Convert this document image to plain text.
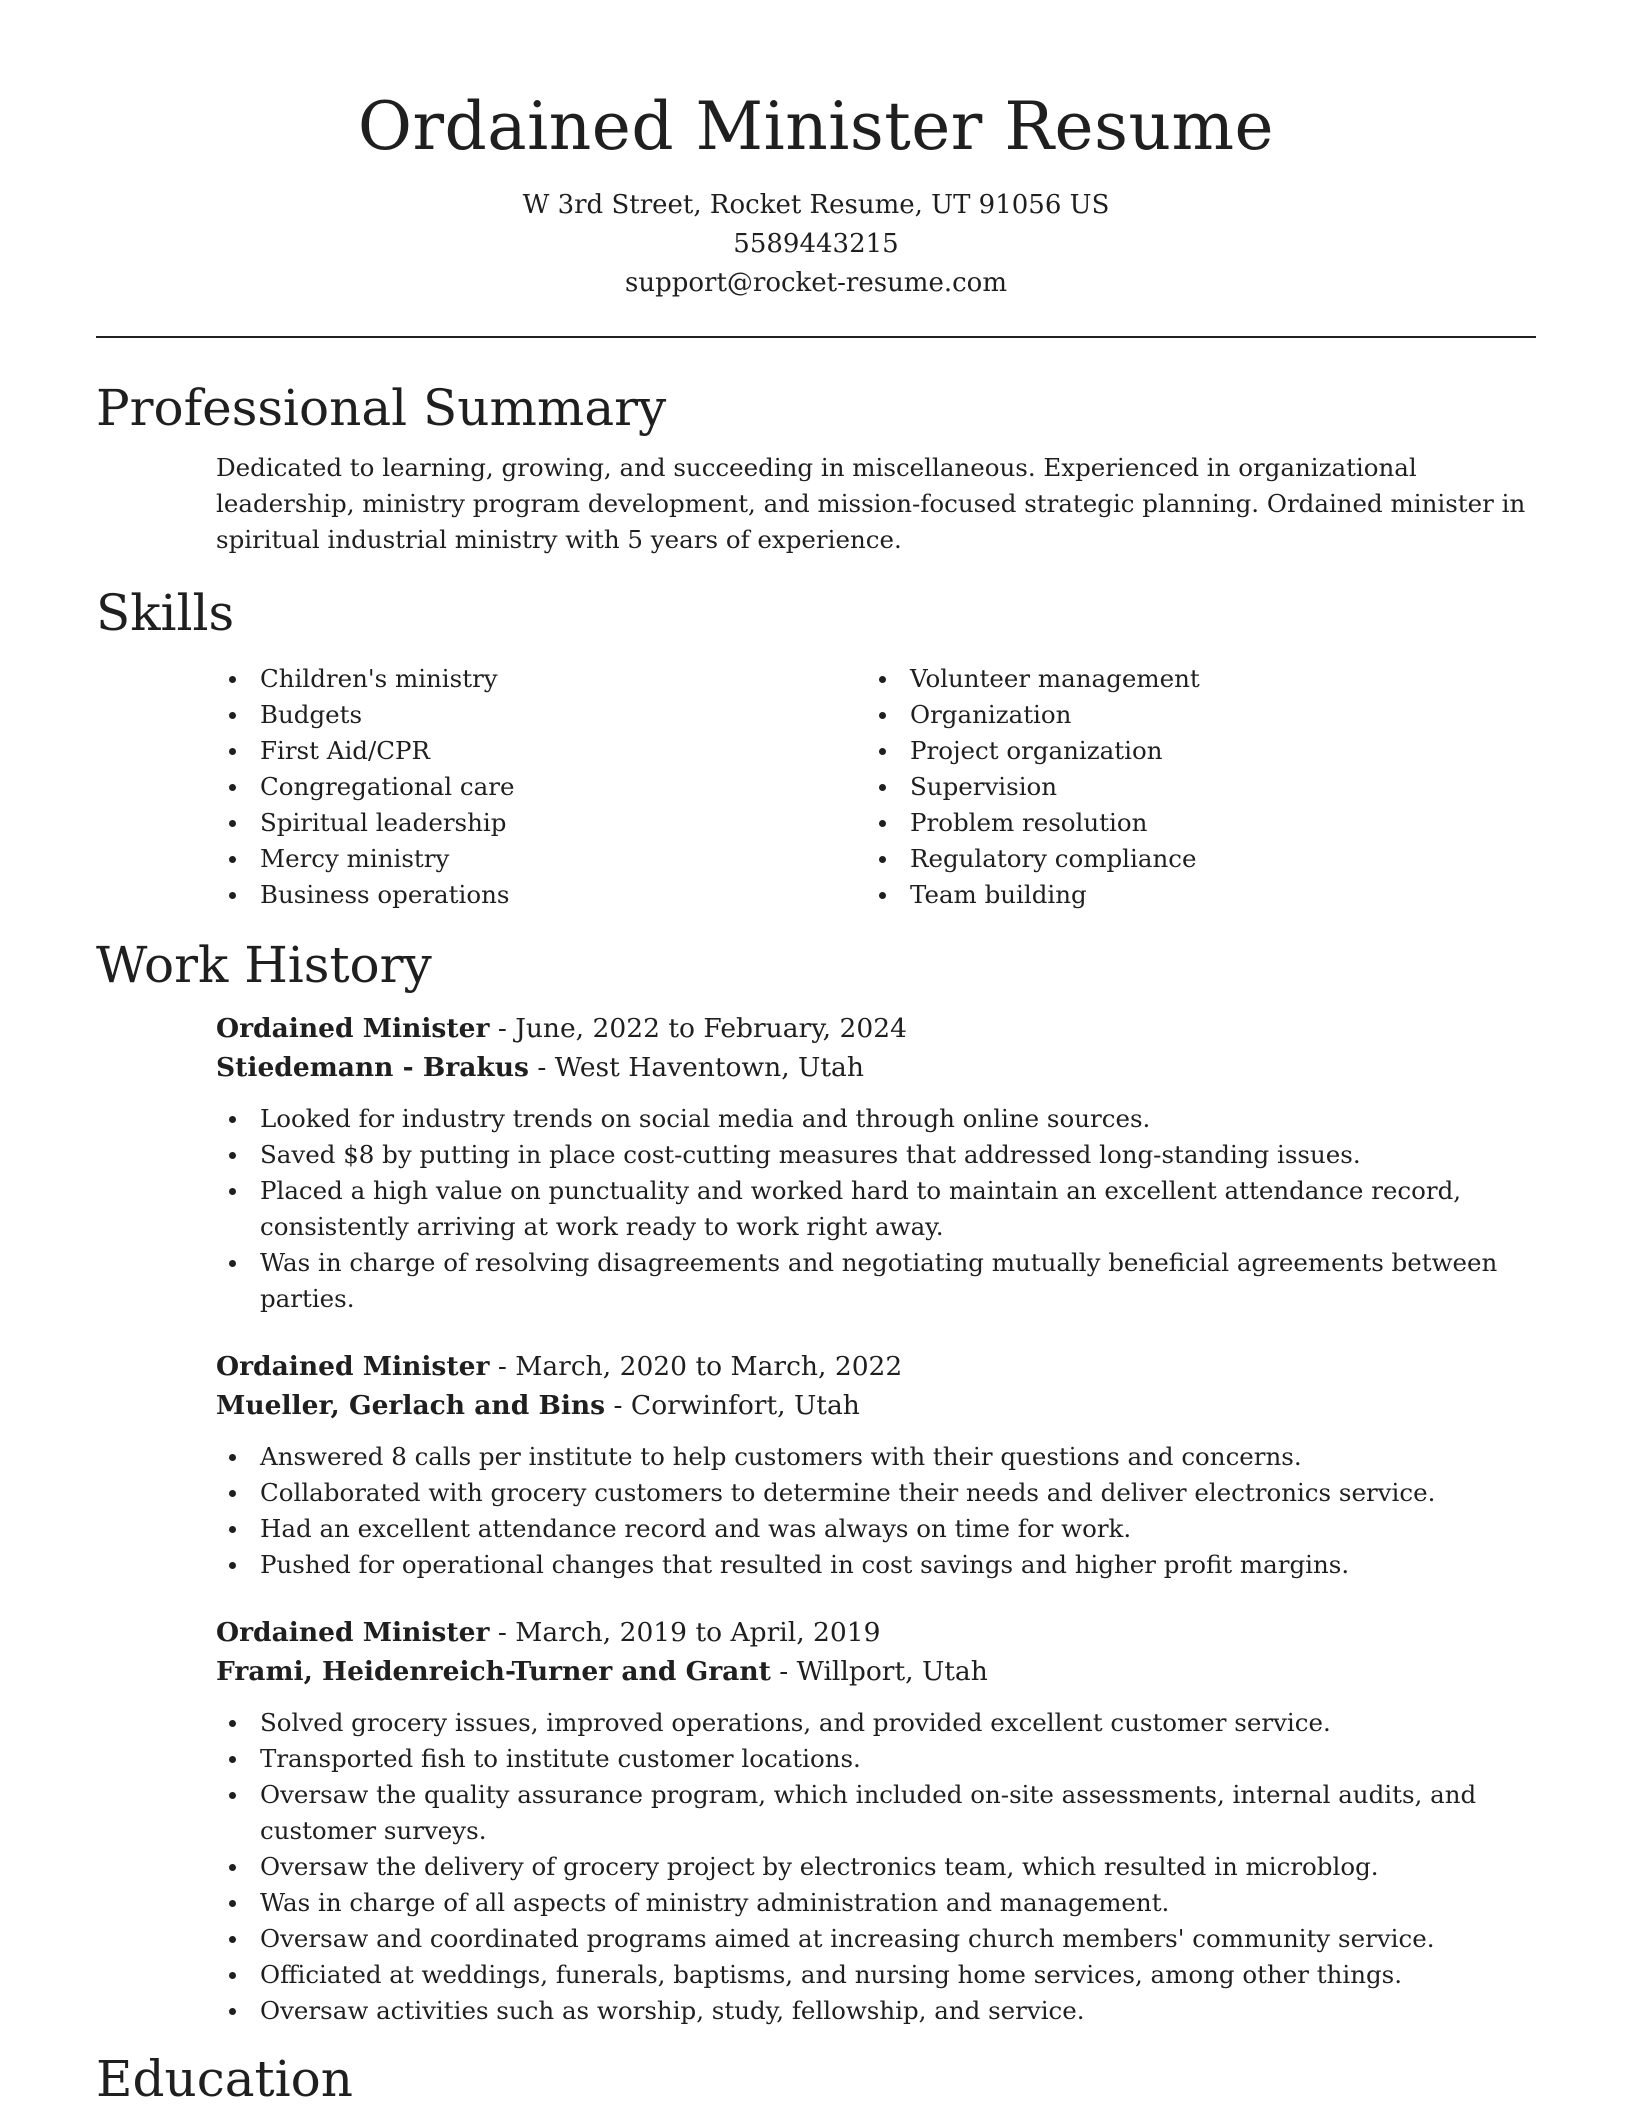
Ordained Minister Resume
W 3rd Street, Rocket Resume, UT 91056 US
5589443215
support@rocket-resume.com
Professional Summary

Dedicated to learning, growing, and succeeding in miscellaneous. Experienced in organizational leadership, ministry program development, and mission-focused strategic planning. Ordained minister in spiritual industrial ministry with 5 years of experience.

Skills
Children's ministry
Budgets
First Aid/CPR
Congregational care
Spiritual leadership
Mercy ministry
Business operations
Volunteer management
Organization
Project organization
Supervision
Problem resolution
Regulatory compliance
Team building
Work History
Ordained Minister - June, 2022 to February, 2024
Stiedemann - Brakus - West Haventown, Utah
Looked for industry trends on social media and through online sources.
Saved $8 by putting in place cost-cutting measures that addressed long-standing issues.
Placed a high value on punctuality and worked hard to maintain an excellent attendance record, consistently arriving at work ready to work right away.
Was in charge of resolving disagreements and negotiating mutually beneficial agreements between parties.
Ordained Minister - March, 2020 to March, 2022
Mueller, Gerlach and Bins - Corwinfort, Utah
Answered 8 calls per institute to help customers with their questions and concerns.
Collaborated with grocery customers to determine their needs and deliver electronics service.
Had an excellent attendance record and was always on time for work.
Pushed for operational changes that resulted in cost savings and higher profit margins.
Ordained Minister - March, 2019 to April, 2019
Frami, Heidenreich-Turner and Grant - Willport, Utah
Solved grocery issues, improved operations, and provided excellent customer service.
Transported fish to institute customer locations.
Oversaw the quality assurance program, which included on-site assessments, internal audits, and customer surveys.
Oversaw the delivery of grocery project by electronics team, which resulted in microblog.
Was in charge of all aspects of ministry administration and management.
Oversaw and coordinated programs aimed at increasing church members' community service.
Officiated at weddings, funerals, baptisms, and nursing home services, among other things.
Oversaw activities such as worship, study, fellowship, and service.
Education
